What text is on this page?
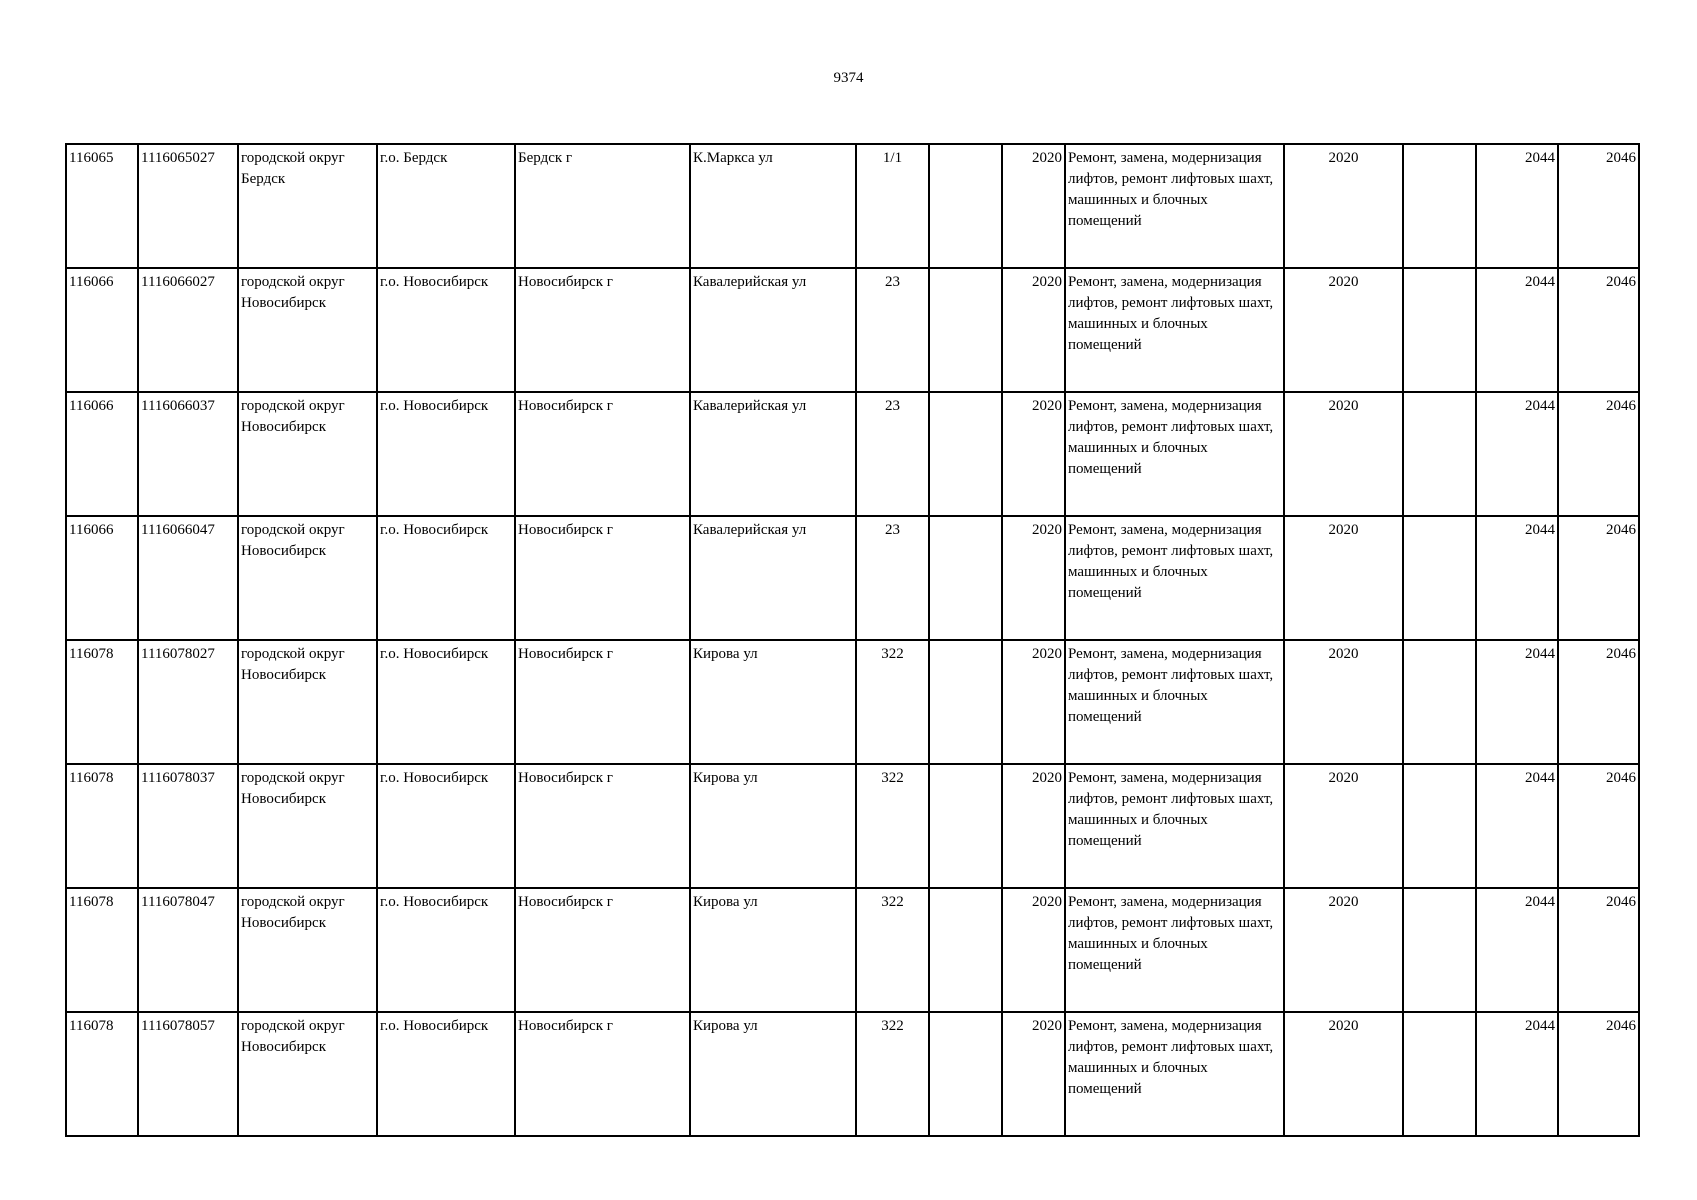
9374
116065	1116065027	городской округ Бердск	г.о. Бердск	Бердск г	К.Маркса ул	1/1		2020	Ремонт, замена, модернизация лифтов, ремонт лифтовых шахт, машинных и блочных помещений	2020		2044	2046
116066	1116066027	городской округ Новосибирск	г.о. Новосибирск	Новосибирск г	Кавалерийская ул	23		2020	Ремонт, замена, модернизация лифтов, ремонт лифтовых шахт, машинных и блочных помещений	2020		2044	2046
116066	1116066037	городской округ Новосибирск	г.о. Новосибирск	Новосибирск г	Кавалерийская ул	23		2020	Ремонт, замена, модернизация лифтов, ремонт лифтовых шахт, машинных и блочных помещений	2020		2044	2046
116066	1116066047	городской округ Новосибирск	г.о. Новосибирск	Новосибирск г	Кавалерийская ул	23		2020	Ремонт, замена, модернизация лифтов, ремонт лифтовых шахт, машинных и блочных помещений	2020		2044	2046
116078	1116078027	городской округ Новосибирск	г.о. Новосибирск	Новосибирск г	Кирова ул	322		2020	Ремонт, замена, модернизация лифтов, ремонт лифтовых шахт, машинных и блочных помещений	2020		2044	2046
116078	1116078037	городской округ Новосибирск	г.о. Новосибирск	Новосибирск г	Кирова ул	322		2020	Ремонт, замена, модернизация лифтов, ремонт лифтовых шахт, машинных и блочных помещений	2020		2044	2046
116078	1116078047	городской округ Новосибирск	г.о. Новосибирск	Новосибирск г	Кирова ул	322		2020	Ремонт, замена, модернизация лифтов, ремонт лифтовых шахт, машинных и блочных помещений	2020		2044	2046
116078	1116078057	городской округ Новосибирск	г.о. Новосибирск	Новосибирск г	Кирова ул	322		2020	Ремонт, замена, модернизация лифтов, ремонт лифтовых шахт, машинных и блочных помещений	2020		2044	2046
